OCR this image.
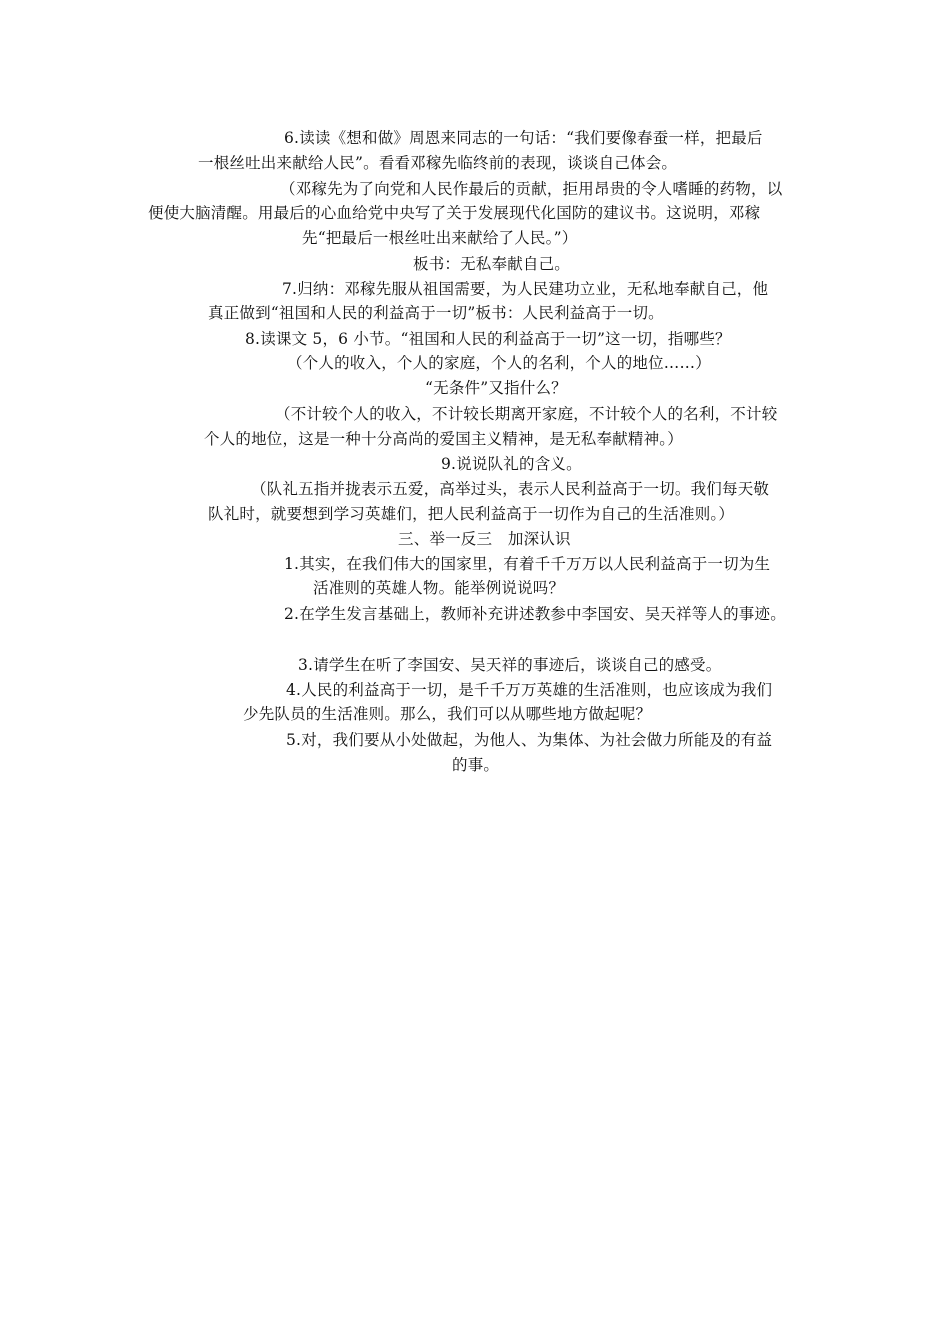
6.读读《想和做》周恩来同志的一句话：“我们要像春蚕一样，把最后
一根丝吐出来献给人民”。看看邓稼先临终前的表现，谈谈自己体会。
（邓稼先为了向党和人民作最后的贡献，拒用昂贵的令人嗜睡的药物，以
便使大脑清醒。用最后的心血给党中央写了关于发展现代化国防的建议书。这说明，邓稼
先“把最后一根丝吐出来献给了人民。”）
板书：无私奉献自己。
7.归纳：邓稼先服从祖国需要，为人民建功立业，无私地奉献自己，他
真正做到“祖国和人民的利益高于一切”板书：人民利益高于一切。
8.读课文 5，6 小节。“祖国和人民的利益高于一切”这一切，指哪些？
（个人的收入，个人的家庭，个人的名利，个人的地位……）
“无条件”又指什么？
（不计较个人的收入，不计较长期离开家庭，不计较个人的名利，不计较
个人的地位，这是一种十分高尚的爱国主义精神，是无私奉献精神。）
9.说说队礼的含义。
（队礼五指并拢表示五爱，高举过头，表示人民利益高于一切。我们每天敬
队礼时，就要想到学习英雄们，把人民利益高于一切作为自己的生活准则。）
三、举一反三　加深认识
1.其实，在我们伟大的国家里，有着千千万万以人民利益高于一切为生
活准则的英雄人物。能举例说说吗？
2.在学生发言基础上，教师补充讲述教参中李国安、吴天祥等人的事迹。
3.请学生在听了李国安、吴天祥的事迹后，谈谈自己的感受。
4.人民的利益高于一切，是千千万万英雄的生活准则，也应该成为我们
少先队员的生活准则。那么，我们可以从哪些地方做起呢？
5.对，我们要从小处做起，为他人、为集体、为社会做力所能及的有益
的事。
